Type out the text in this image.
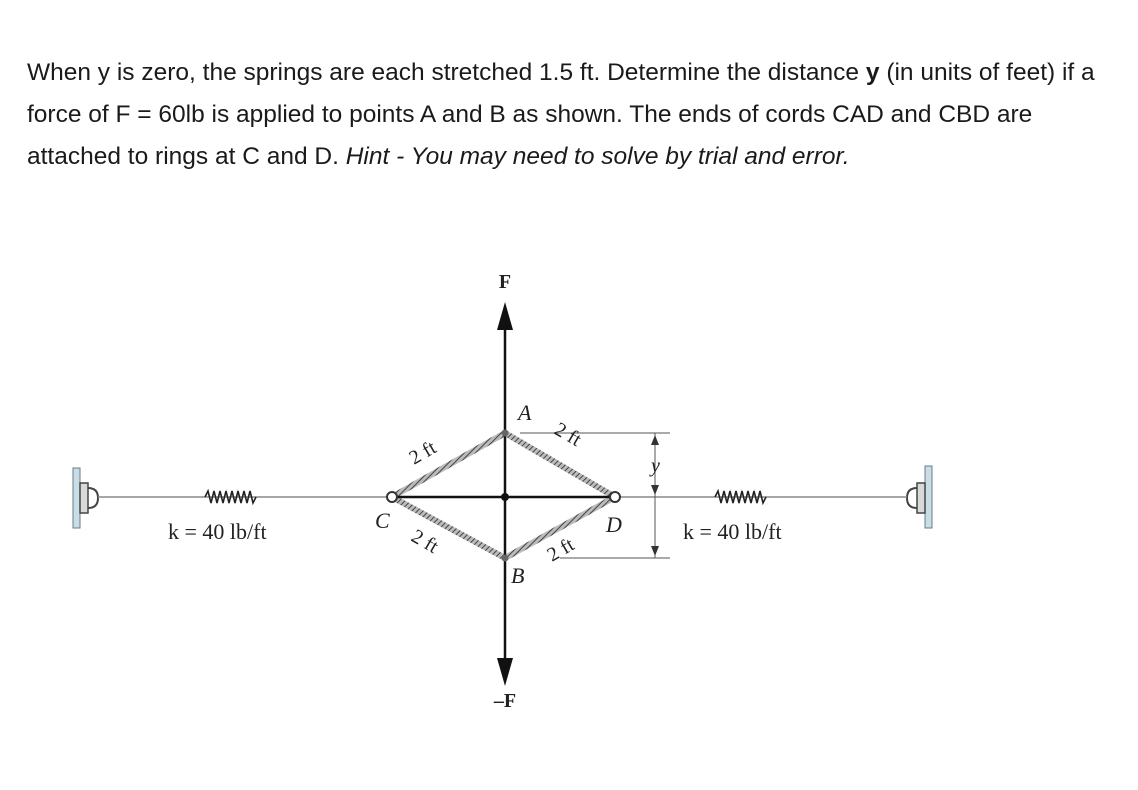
When y is zero, the springs are each stretched 1.5 ft. Determine the distance y (in units of feet) if a force of F = 60lb is applied to points A and B as shown. The ends of cords CAD and CBD are attached to rings at C and D. Hint - You may need to solve by trial and error.

F
–F
A
B
C	D
2 ft
2 ft
2 ft	2 ft
y
k = 40 lb/ft	k = 40 lb/ft
